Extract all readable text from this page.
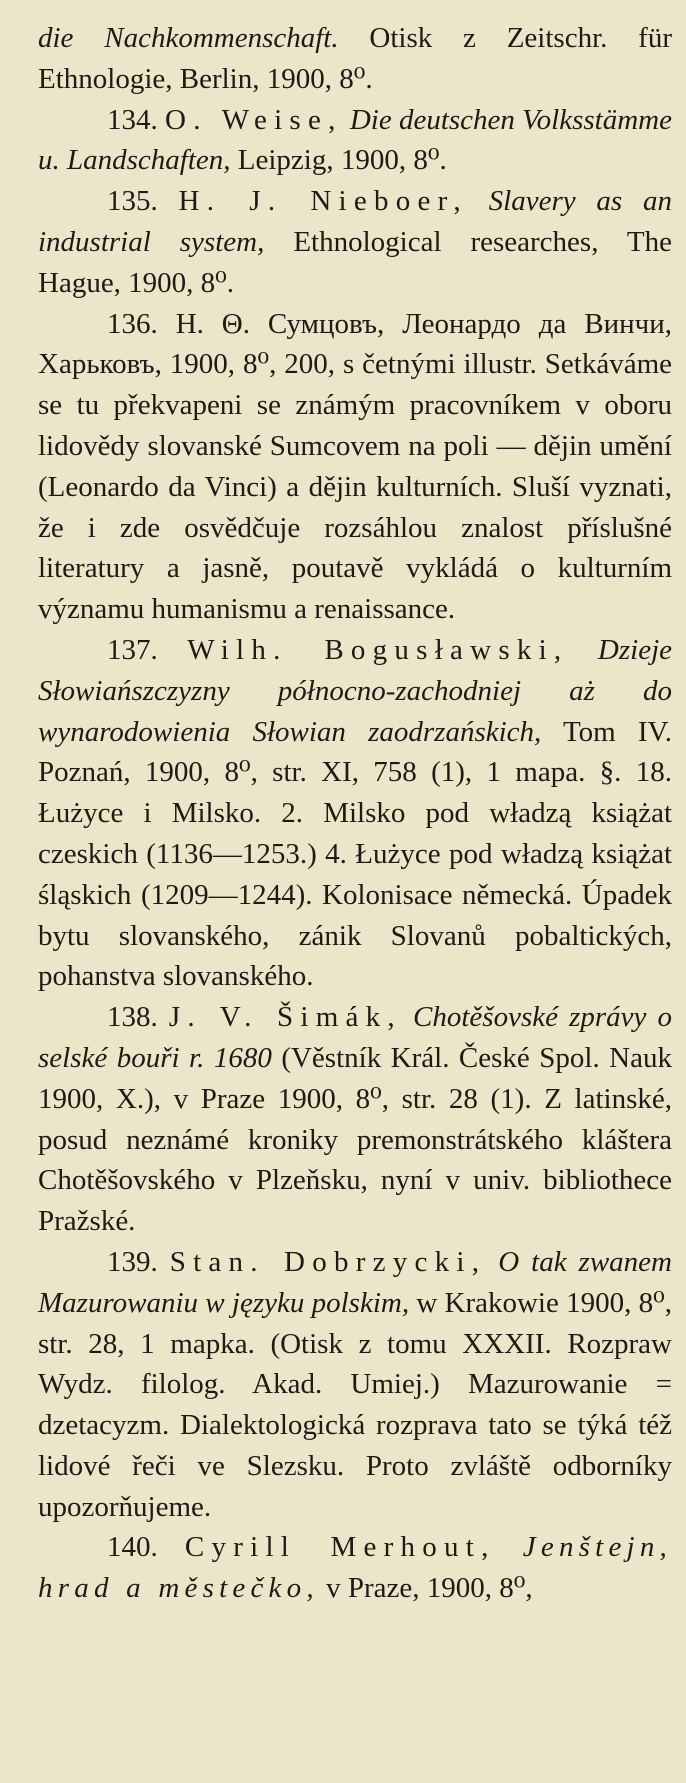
die Nachkommenschaft. Otisk z Zeitschr. für Ethnologie, Berlin, 1900, 8⁰.

134. O. Weise, Die deutschen Volksstämme u. Landschaften, Leipzig, 1900, 8⁰.

135. H. J. Nieboer, Slavery as an industrial system, Ethnological researches, The Hague, 1900, 8⁰.

136. Н. Θ. Сумцовъ, Леонардо да Винчи, Харьковъ, 1900, 8⁰, 200, s četnými illustr. Setkáváme se tu překvapeni se známým pracovníkem v oboru lidovědy slovanské Sumcovem na poli — dějin umění (Leonardo da Vinci) a dějin kulturních. Sluší vyznati, že i zde osvědčuje rozsáhlou znalost příslušné literatury a jasně, poutavě vykládá o kulturním významu humanismu a renaissance.

137. Wilh. Bogusławski, Dzieje Słowiańszczyzny północno-zachodniej aż do wynarodowienia Słowian zaodrzańskich, Tom IV. Poznań, 1900, 8⁰, str. XI, 758 (1), 1 mapa. §. 18. Łużyce i Milsko. 2. Milsko pod władzą książat czeskich (1136—1253.) 4. Łużyce pod władzą książat śląskich (1209—1244). Kolonisace německá. Úpadek bytu slovanského, zánik Slovanů pobaltických, pohanstva slovanského.

138. J. V. Šimák, Chotěšovské zprávy o selské bouři r. 1680 (Věstník Král. České Spol. Nauk 1900, X.), v Praze 1900, 8⁰, str. 28 (1). Z latinské, posud neznámé kroniky premonstrátského kláštera Chotěšovského v Plzeňsku, nyní v univ. bibliothece Pražské.

139. Stan. Dobrzycki, O tak zwanem Mazurowaniu w języku polskim, w Krakowie 1900, 8⁰, str. 28, 1 mapka. (Otisk z tomu XXXII. Rozpraw Wydz. filolog. Akad. Umiej.) Mazurowanie = dzetacyzm. Dialektologická rozprava tato se týká též lidové řeči ve Slezsku. Proto zvláště odborníky upozorňujeme.

140. Cyrill Merhout, Jenštejn, hrad a městečko, v Praze, 1900, 8⁰,
